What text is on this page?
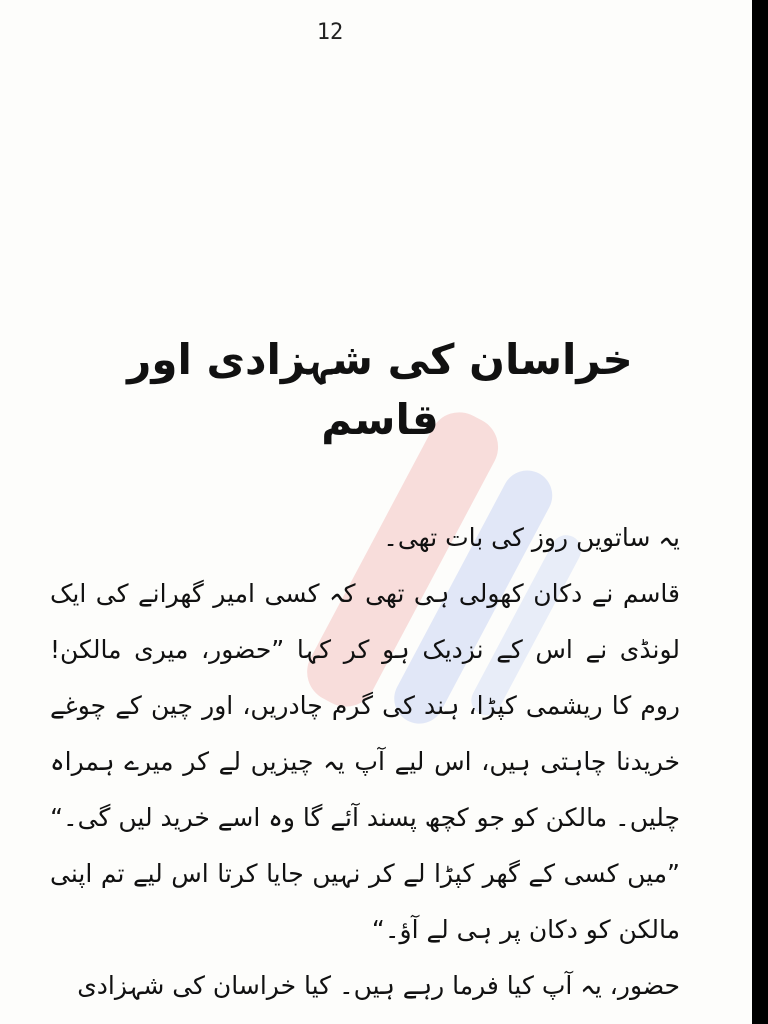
12
خراسان کی شہزادی اور قاسم

یہ ساتویں روز کی بات تھی۔

قاسم نے دکان کھولی ہی تھی کہ کسی امیر گھرانے کی ایک لونڈی نے اس کے نزدیک ہو کر کہا ”حضور، میری مالکن! روم کا ریشمی کپڑا، ہند کی گرم چادریں، اور چین کے چوغے خریدنا چاہتی ہیں، اس لیے آپ یہ چیزیں لے کر میرے ہمراہ چلیں۔ مالکن کو جو کچھ پسند آئے گا وہ اسے خرید لیں گی۔“

”میں کسی کے گھر کپڑا لے کر نہیں جایا کرتا اس لیے تم اپنی مالکن کو دکان پر ہی لے آؤ۔“

حضور، یہ آپ کیا فرما رہے ہیں۔ کیا خراسان کی شہزادی
